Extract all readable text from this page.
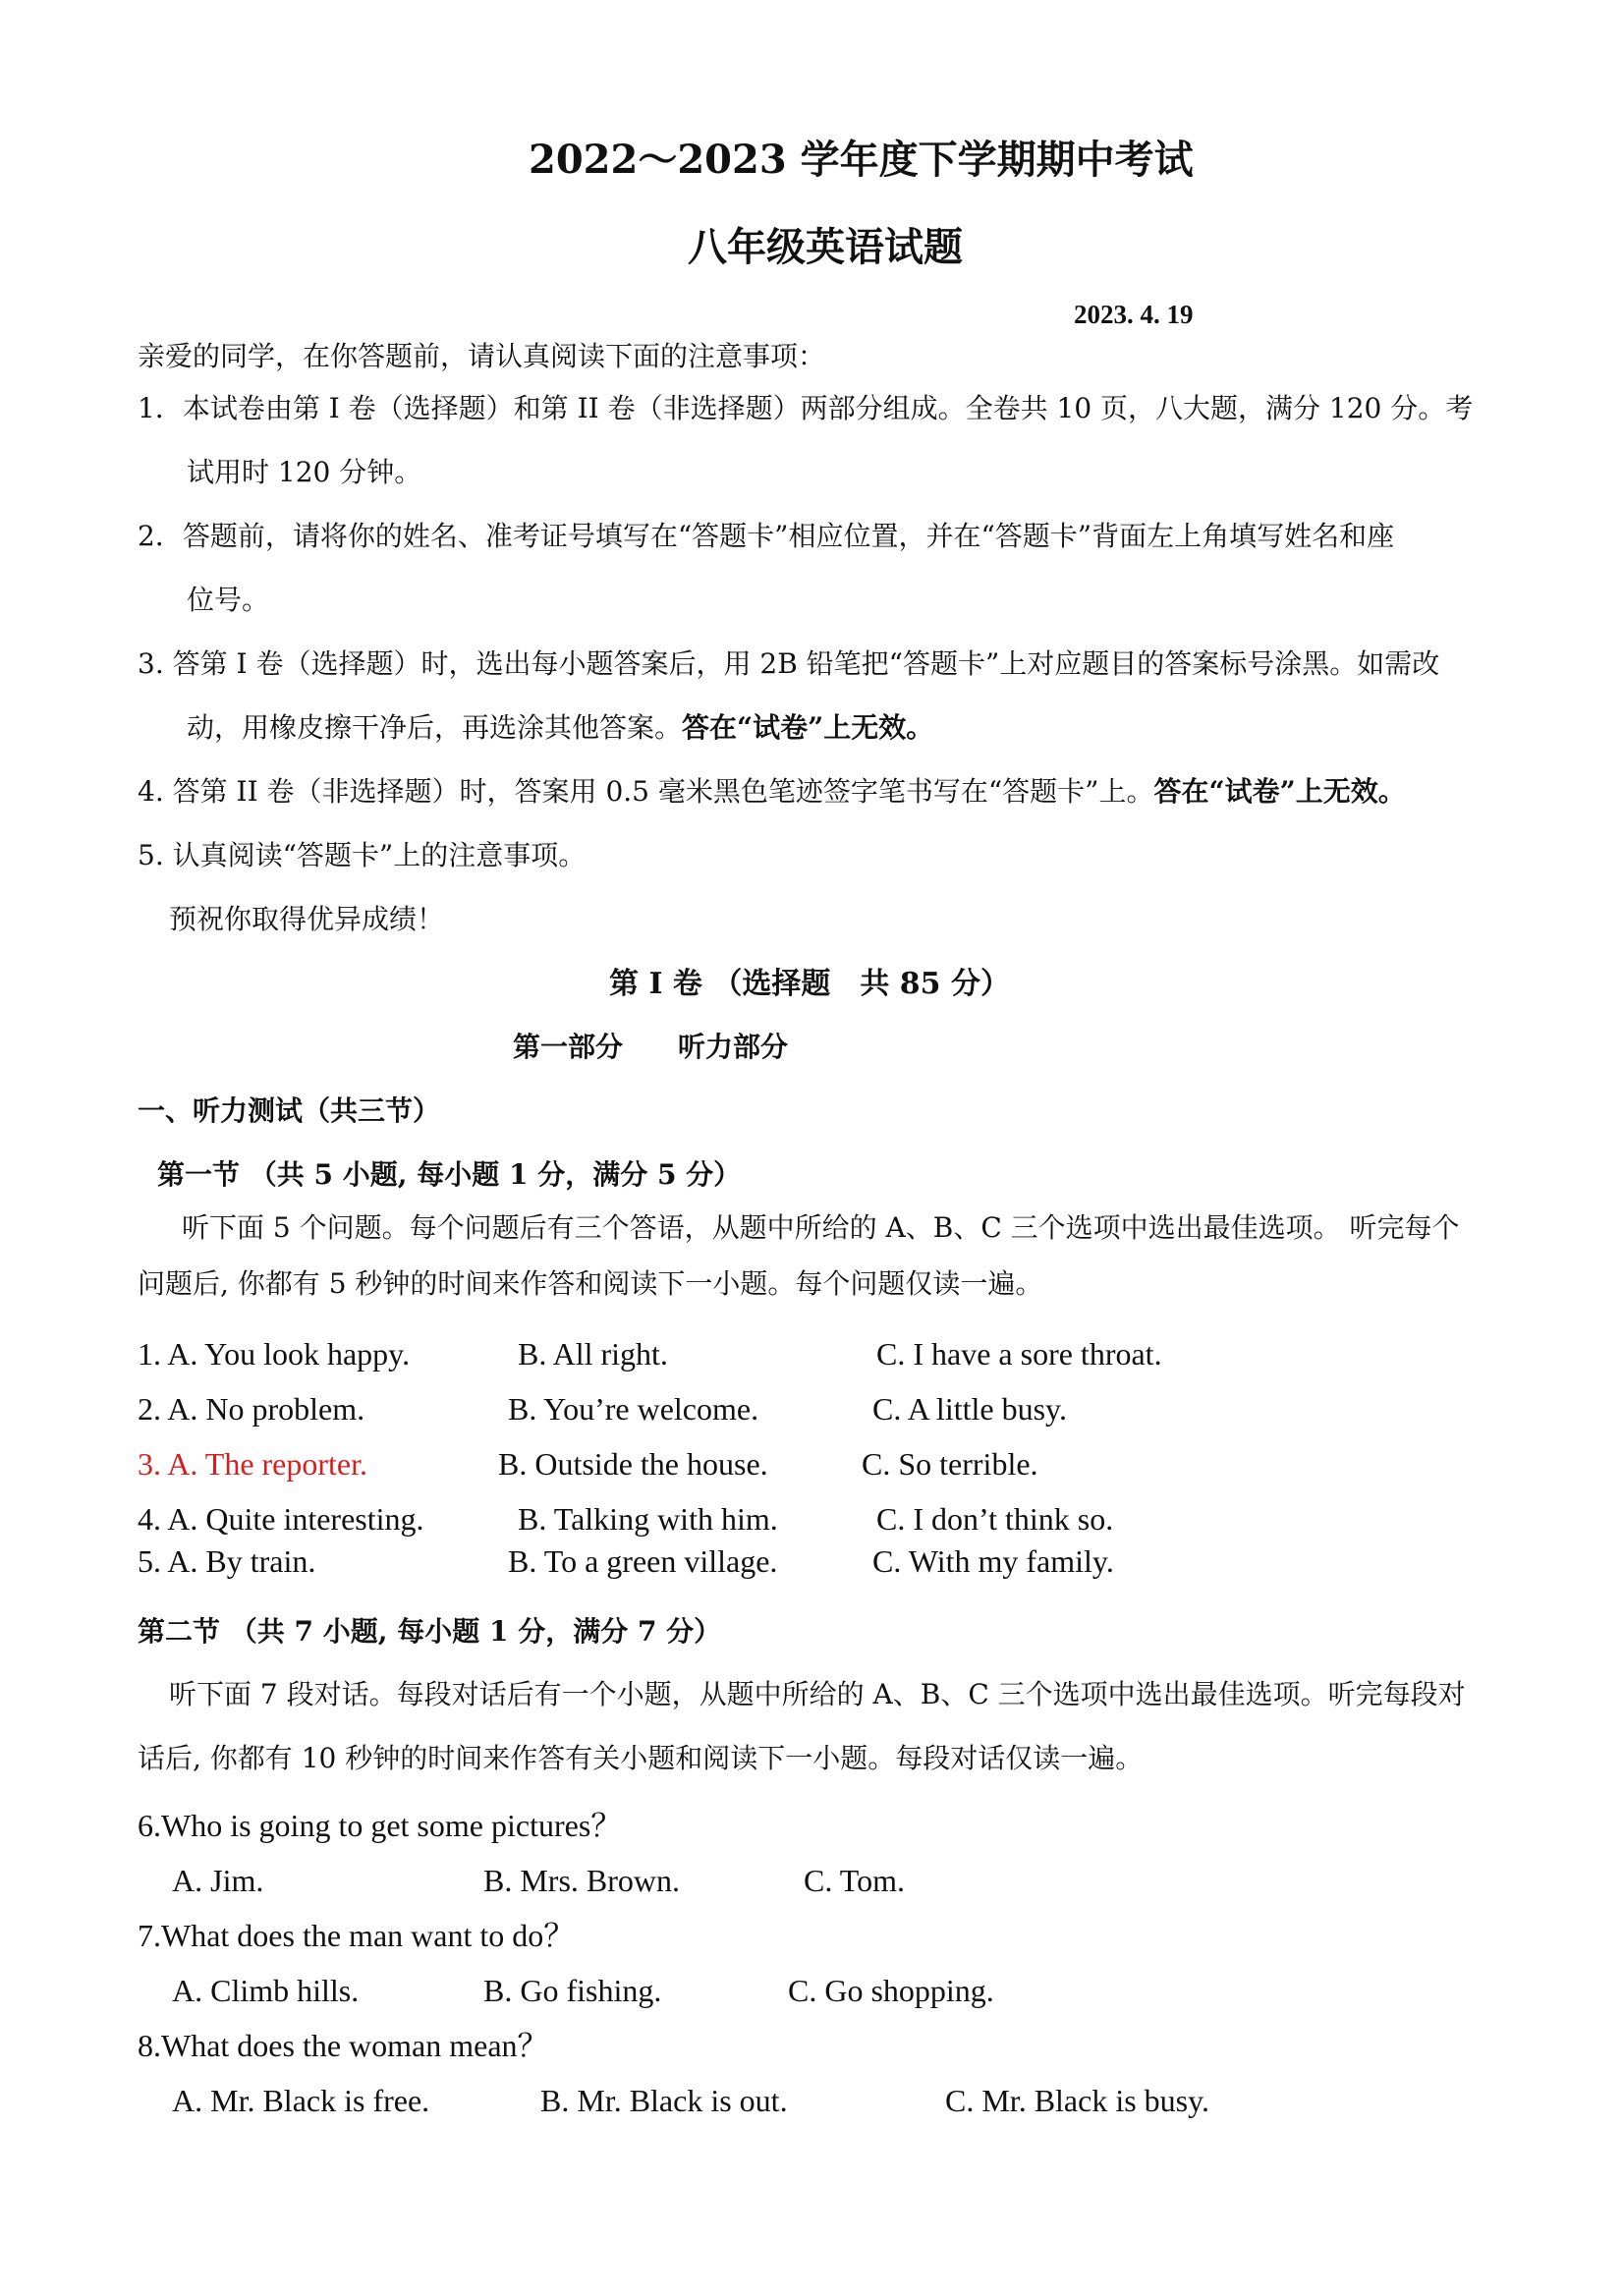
2022～2023 学年度下学期期中考试
八年级英语试题
2023. 4. 19
亲爱的同学，在你答题前，请认真阅读下面的注意事项：
1．本试卷由第 I 卷（选择题）和第 II 卷（非选择题）两部分组成。全卷共 10 页，八大题，满分 120 分。考
试用时 120 分钟。
2．答题前，请将你的姓名、准考证号填写在“答题卡”相应位置，并在“答题卡”背面左上角填写姓名和座
位号。
3. 答第 I 卷（选择题）时，选出每小题答案后，用 2B 铅笔把“答题卡”上对应题目的答案标号涂黑。如需改
动，用橡皮擦干净后，再选涂其他答案。答在“试卷”上无效。
4. 答第 II 卷（非选择题）时，答案用 0.5 毫米黑色笔迹签字笔书写在“答题卡”上。答在“试卷”上无效。
5. 认真阅读“答题卡”上的注意事项。
预祝你取得优异成绩！
第 I 卷 （选择题　共 85 分）
第一部分　　听力部分
一、听力测试（共三节）
第一节 （共 5 小题, 每小题 1 分，满分 5 分）
听下面 5 个问题。每个问题后有三个答语，从题中所给的 A、B、C 三个选项中选出最佳选项。 听完每个
问题后, 你都有 5 秒钟的时间来作答和阅读下一小题。每个问题仅读一遍。
1. A. You look happy.	B. All right.	C. I have a sore throat.
2. A. No problem.	B. You’re welcome.	C. A little busy.
3. A. The reporter.	B. Outside the house.	C. So terrible.
4. A. Quite interesting.	B. Talking with him.	C. I don’t think so.
5. A. By train.	B. To a green village.	C. With my family.
第二节 （共 7 小题, 每小题 1 分，满分 7 分）
听下面 7 段对话。每段对话后有一个小题，从题中所给的 A、B、C 三个选项中选出最佳选项。听完每段对
话后, 你都有 10 秒钟的时间来作答有关小题和阅读下一小题。每段对话仅读一遍。
6.Who is going to get some pictures？
A. Jim.	B. Mrs. Brown.	C. Tom.
7.What does the man want to do？
A. Climb hills.	B. Go fishing.	C. Go shopping.
8.What does the woman mean？
A. Mr. Black is free.	B. Mr. Black is out.	C. Mr. Black is busy.
